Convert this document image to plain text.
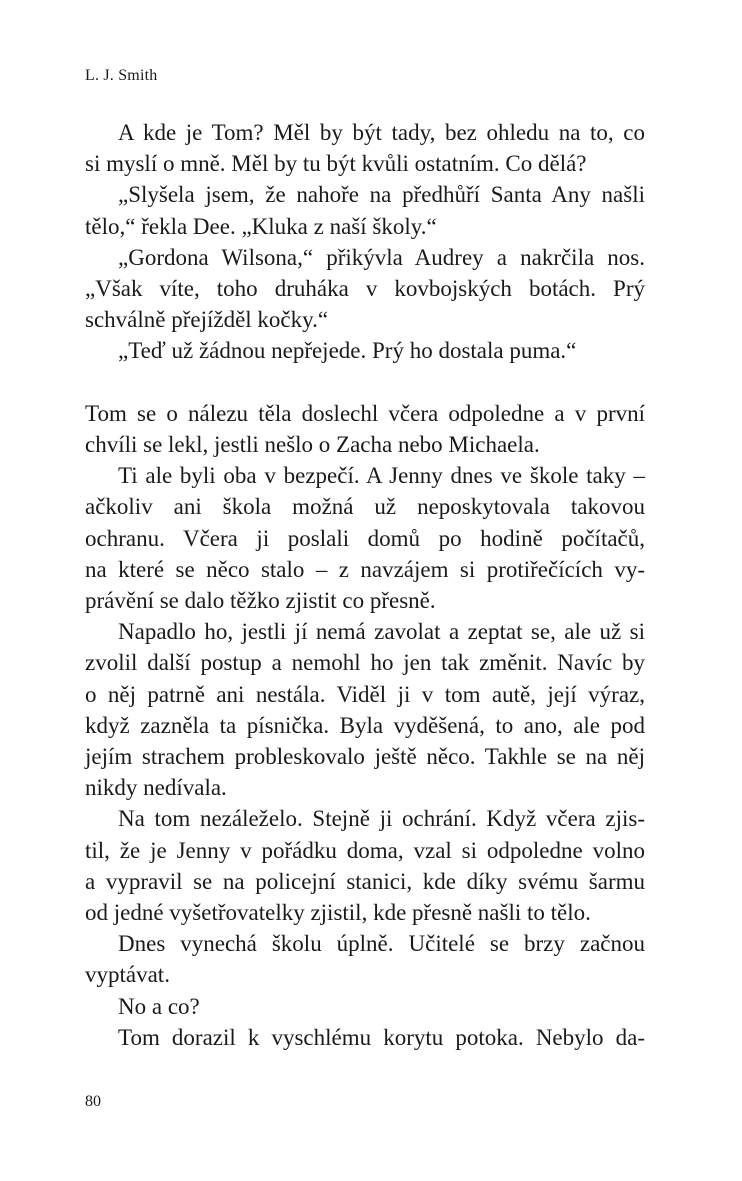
L. J. Smith

A kde je Tom? Měl by být tady, bez ohledu na to, co
si myslí o mně. Měl by tu být kvůli ostatním. Co dělá?

„Slyšela jsem, že nahoře na předhůří Santa Any našli
tělo,“ řekla Dee. „Kluka z naší školy.“

„Gordona Wilsona,“ přikývla Audrey a nakrčila nos.
„Však víte, toho druháka v kovbojských botách. Prý
schválně přejížděl kočky.“

„Teď už žádnou nepřejede. Prý ho dostala puma.“

Tom se o nálezu těla doslechl včera odpoledne a v první
chvíli se lekl, jestli nešlo o Zacha nebo Michaela.

Ti ale byli oba v bezpečí. A Jenny dnes ve škole taky –
ačkoliv ani škola možná už neposkytovala takovou
ochranu. Včera ji poslali domů po hodině počítačů,
na které se něco stalo – z navzájem si protiřečících vy-
právění se dalo těžko zjistit co přesně.

Napadlo ho, jestli jí nemá zavolat a zeptat se, ale už si
zvolil další postup a nemohl ho jen tak změnit. Navíc by
o něj patrně ani nestála. Viděl ji v tom autě, její výraz,
když zazněla ta písnička. Byla vyděšená, to ano, ale pod
jejím strachem probleskovalo ještě něco. Takhle se na něj
nikdy nedívala.

Na tom nezáleželo. Stejně ji ochrání. Když včera zjis-
til, že je Jenny v pořádku doma, vzal si odpoledne volno
a vypravil se na policejní stanici, kde díky svému šarmu
od jedné vyšetřovatelky zjistil, kde přesně našli to tělo.

Dnes vynechá školu úplně. Učitelé se brzy začnou
vyptávat.

No a co?

Tom dorazil k vyschlému korytu potoka. Nebylo da-

80
